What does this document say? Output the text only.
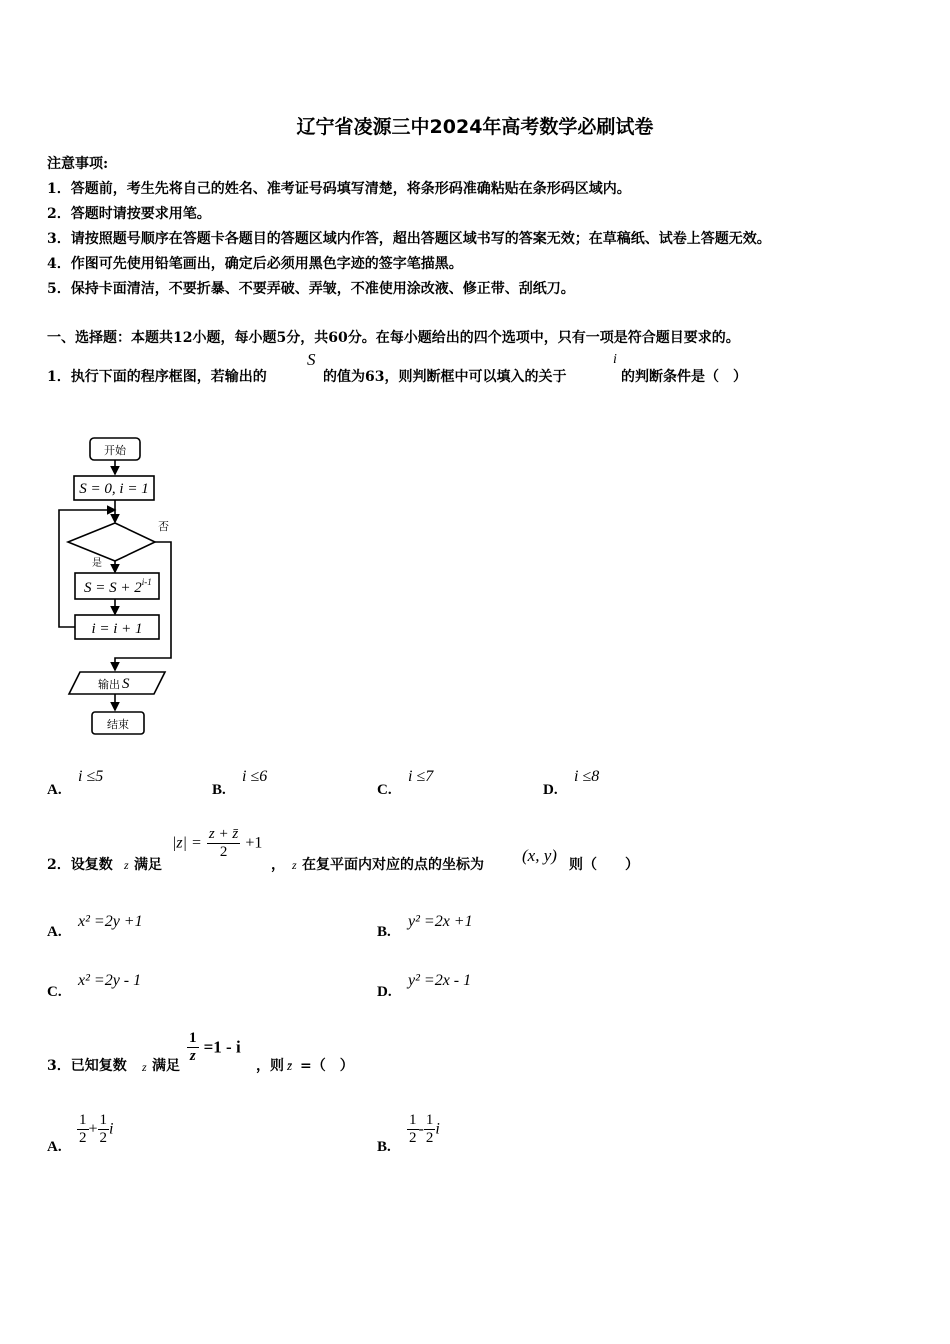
辽宁省凌源三中2024年高考数学必刷试卷
注意事项:
1．答题前，考生先将自己的姓名、准考证号码填写清楚，将条形码准确粘贴在条形码区域内。
2．答题时请按要求用笔。
3．请按照题号顺序在答题卡各题目的答题区域内作答，超出答题区域书写的答案无效；在草稿纸、试卷上答题无效。
4．作图可先使用铅笔画出，确定后必须用黑色字迹的签字笔描黑。
5．保持卡面清洁，不要折暴、不要弄破、弄皱，不准使用涂改液、修正带、刮纸刀。
一、选择题：本题共12小题，每小题5分，共60分。在每小题给出的四个选项中，只有一项是符合题目要求的。
1．执行下面的程序框图，若输出的
S
的值为63，则判断框中可以填入的关于
i
的判断条件是（　）
开始
S = 0, i = 1
否
是
$S = S + 2^{i-1}$
i = i + 1
输出 S
结束
A.
i ≤5
B.
i ≤6
C.
i ≤7
D.
i ≤8
2．设复数 z 满足
$|z| = \frac{z + z̄}{2} +1$
， z 在复平面内对应的点的坐标为 (x, y) 则（　　）
A.
x² =2y +1
B.
y² =2x +1
C.
x² =2y - 1
D.
y² =2x - 1
3．已知复数 z 满足
$\frac{1}{z} =1 - i$
，则 z̄ =（　）
A. $\frac{1}{2} + \frac{1}{2}$ i
B. $\frac{1}{2} - \frac{1}{2}$ i
